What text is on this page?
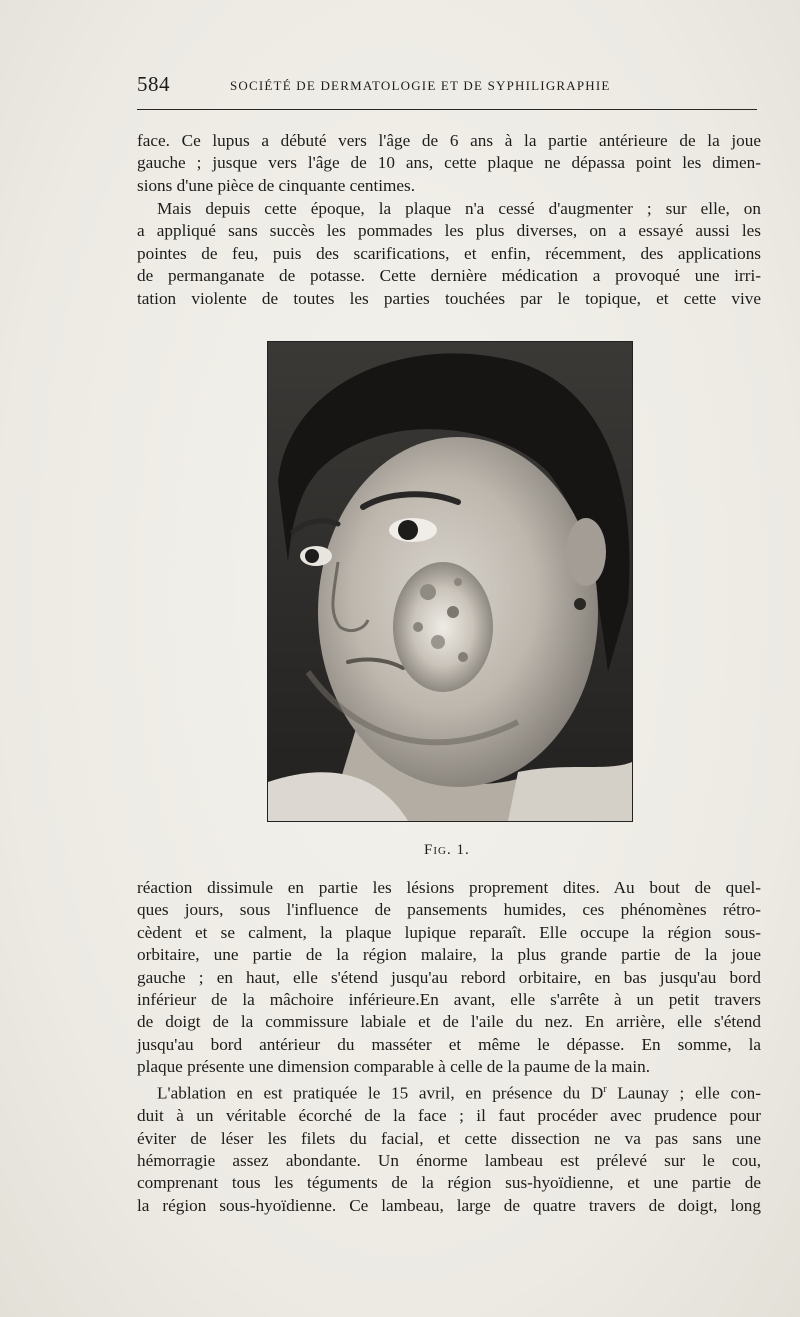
584	SOCIÉTÉ DE DERMATOLOGIE ET DE SYPHILIGRAPHIE

face. Ce lupus a débuté vers l'âge de 6 ans à la partie antérieure de la joue
gauche ; jusque vers l'âge de 10 ans, cette plaque ne dépassa point les dimen-
sions d'une pièce de cinquante centimes.

Mais depuis cette époque, la plaque n'a cessé d'augmenter ; sur elle, on
a appliqué sans succès les pommades les plus diverses, on a essayé aussi les
pointes de feu, puis des scarifications, et enfin, récemment, des applications
de permanganate de potasse. Cette dernière médication a provoqué une irri-
tation violente de toutes les parties touchées par le topique, et cette vive

Fig. 1.

réaction dissimule en partie les lésions proprement dites. Au bout de quel-
ques jours, sous l'influence de pansements humides, ces phénomènes rétro-
cèdent et se calment, la plaque lupique reparaît. Elle occupe la région sous-
orbitaire, une partie de la région malaire, la plus grande partie de la joue
gauche ; en haut, elle s'étend jusqu'au rebord orbitaire, en bas jusqu'au bord
inférieur de la mâchoire inférieure.En avant, elle s'arrête à un petit travers
de doigt de la commissure labiale et de l'aile du nez. En arrière, elle s'étend
jusqu'au bord antérieur du masséter et même le dépasse. En somme, la
plaque présente une dimension comparable à celle de la paume de la main.

L'ablation en est pratiquée le 15 avril, en présence du $D^r$ Launay ; elle con-
duit à un véritable écorché de la face ; il faut procéder avec prudence pour
éviter de léser les filets du facial, et cette dissection ne va pas sans une
hémorragie assez abondante. Un énorme lambeau est prélevé sur le cou,
comprenant tous les téguments de la région sus-hyoïdienne, et une partie de
la région sous-hyoïdienne. Ce lambeau, large de quatre travers de doigt, long
